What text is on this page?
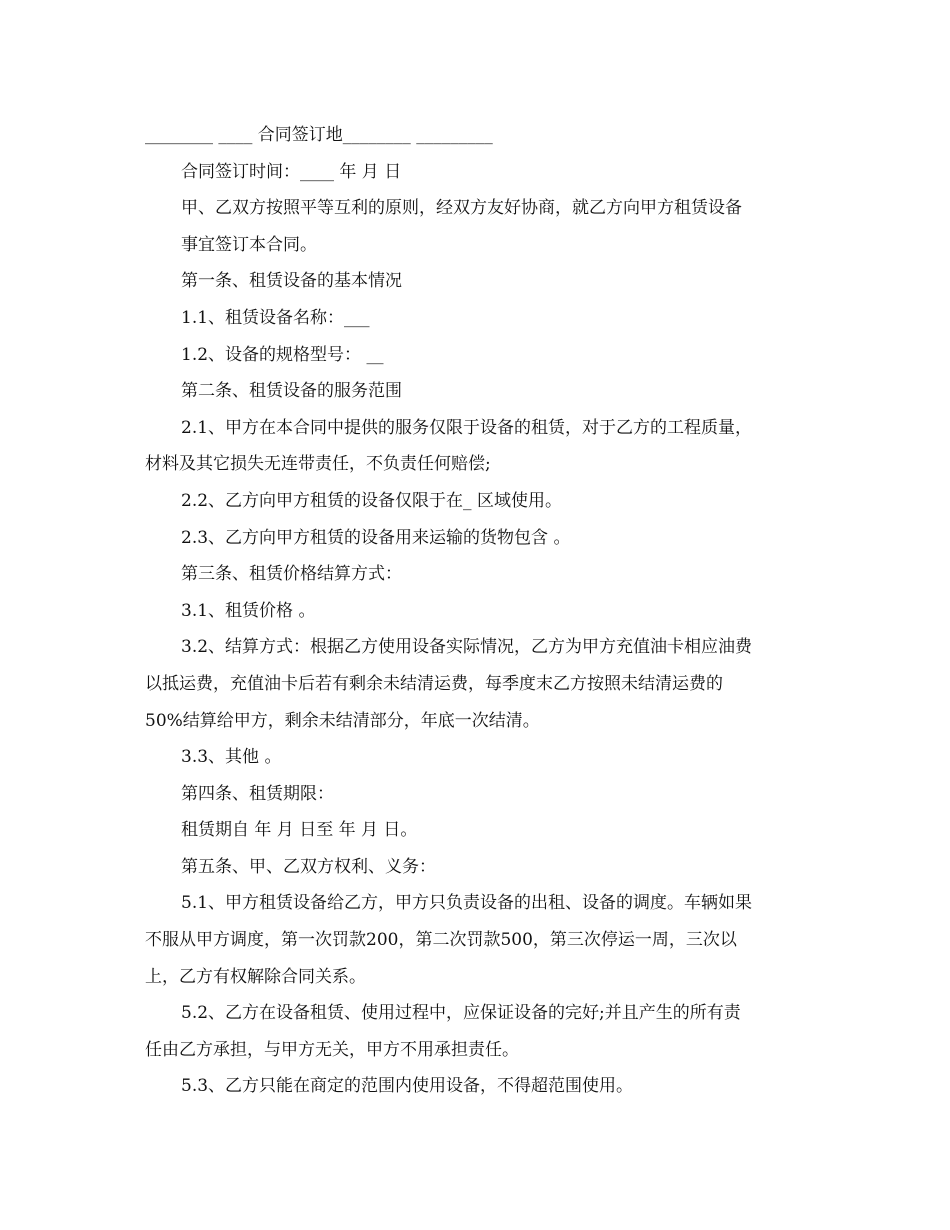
________ ____ 合同签订地________ _________
合同签订时间：____ 年 月 日
甲、乙双方按照平等互利的原则，经双方友好协商，就乙方向甲方租赁设备
事宜签订本合同。
第一条、租赁设备的基本情况
1.1、租赁设备名称：___
1.2、设备的规格型号： __
第二条、租赁设备的服务范围
2.1、甲方在本合同中提供的服务仅限于设备的租赁，对于乙方的工程质量，
材料及其它损失无连带责任，不负责任何赔偿;
2.2、乙方向甲方租赁的设备仅限于在_ 区域使用。
2.3、乙方向甲方租赁的设备用来运输的货物包含 。
第三条、租赁价格结算方式：
3.1、租赁价格 。
3.2、结算方式：根据乙方使用设备实际情况，乙方为甲方充值油卡相应油费
以抵运费，充值油卡后若有剩余未结清运费，每季度末乙方按照未结清运费的
50%结算给甲方，剩余未结清部分，年底一次结清。
3.3、其他 。
第四条、租赁期限：
租赁期自 年 月 日至 年 月 日。
第五条、甲、乙双方权利、义务：
5.1、甲方租赁设备给乙方，甲方只负责设备的出租、设备的调度。车辆如果
不服从甲方调度，第一次罚款200，第二次罚款500，第三次停运一周，三次以
上，乙方有权解除合同关系。
5.2、乙方在设备租赁、使用过程中，应保证设备的完好;并且产生的所有责
任由乙方承担，与甲方无关，甲方不用承担责任。
5.3、乙方只能在商定的范围内使用设备，不得超范围使用。
